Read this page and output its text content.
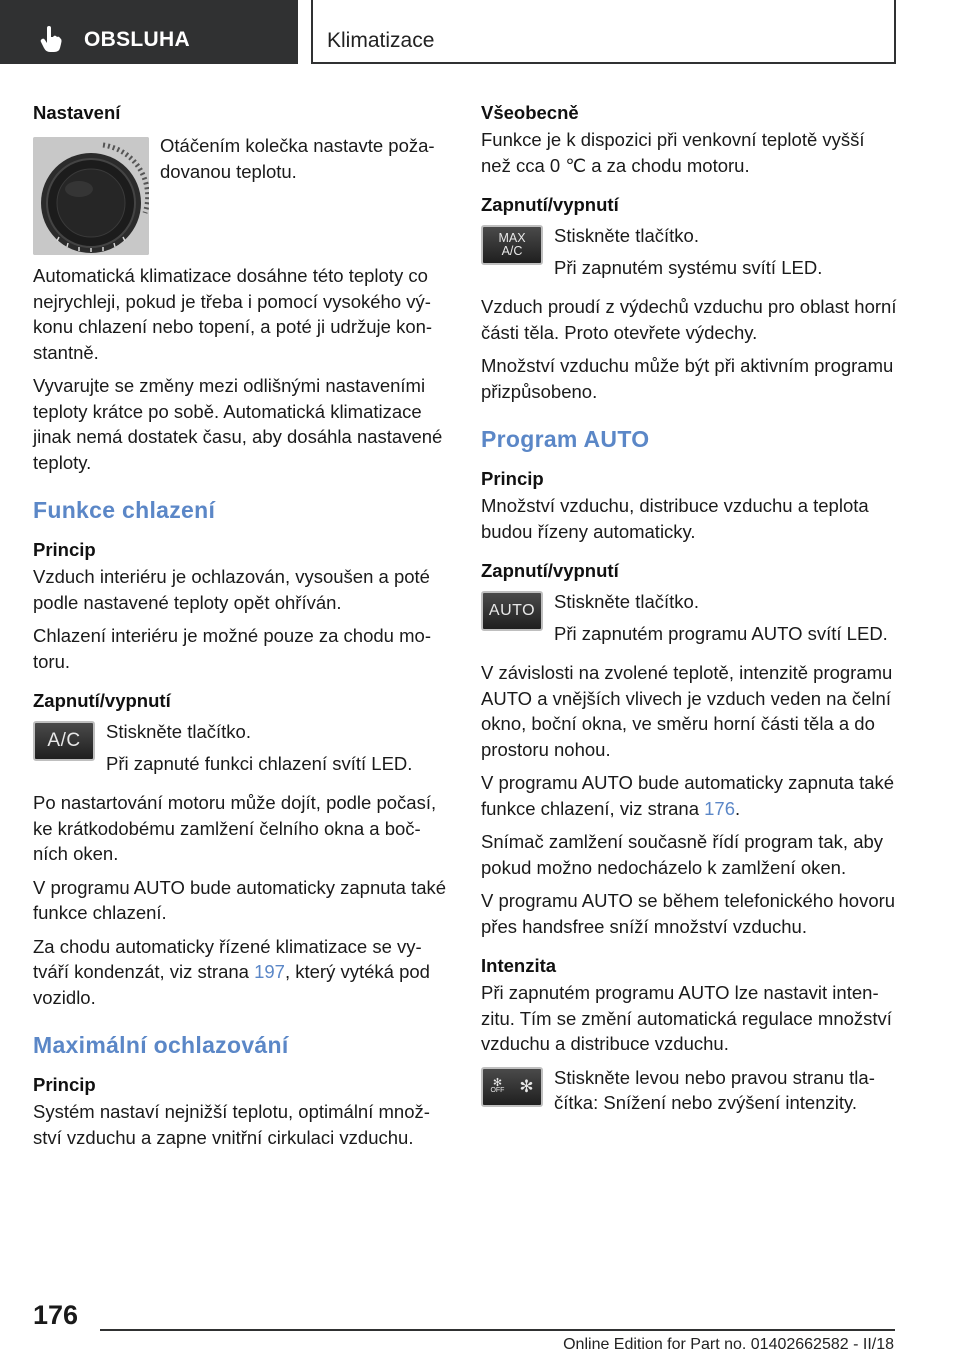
OBSLUHA	Klimatizace
Nastavení
Otáčením kolečka nastavte požadovanou teplotu.
Automatická klimatizace dosáhne této teploty co nejrychleji, pokud je třeba i pomocí vysokého výkonu chlazení nebo topení, a poté ji udržuje konstantně.
Vyvarujte se změny mezi odlišnými nastaveními teploty krátce po sobě. Automatická klimatizace jinak nemá dostatek času, aby dosáhla nastavené teploty.
Funkce chlazení
Princip
Vzduch interiéru je ochlazován, vysoušen a poté podle nastavené teploty opět ohříván.
Chlazení interiéru je možné pouze za chodu motoru.
Zapnutí/vypnutí
A/C	Stiskněte tlačítko.
Při zapnuté funkci chlazení svítí LED.
Po nastartování motoru může dojít, podle počasí, ke krátkodobému zamlžení čelního okna a bočních oken.
V programu AUTO bude automaticky zapnuta také funkce chlazení.
Za chodu automaticky řízené klimatizace se vytváří kondenzát, viz strana 197, který vytéká pod vozidlo.
Maximální ochlazování
Princip
Systém nastaví nejnižší teplotu, optimální množství vzduchu a zapne vnitřní cirkulaci vzduchu.
Všeobecně
Funkce je k dispozici při venkovní teplotě vyšší než cca 0 ℃ a za chodu motoru.
Zapnutí/vypnutí
MAX
A/C
Stiskněte tlačítko.
Při zapnutém systému svítí LED.
Vzduch proudí z výdechů vzduchu pro oblast horní části těla. Proto otevřete výdechy.
Množství vzduchu může být při aktivním programu přizpůsobeno.
Program AUTO
Princip
Množství vzduchu, distribuce vzduchu a teplota budou řízeny automaticky.
Zapnutí/vypnutí
AUTO	Stiskněte tlačítko.
Při zapnutém programu AUTO svítí LED.
V závislosti na zvolené teplotě, intenzitě programu AUTO a vnějších vlivech je vzduch veden na čelní okno, boční okna, ve směru horní části těla a do prostoru nohou.
V programu AUTO bude automaticky zapnuta také funkce chlazení, viz strana 176.
Snímač zamlžení současně řídí program tak, aby pokud možno nedocházelo k zamlžení oken.
V programu AUTO se během telefonického hovoru přes handsfree sníží množství vzduchu.
Intenzita
Při zapnutém programu AUTO lze nastavit intenzitu. Tím se změní automatická regulace množství vzduchu a distribuce vzduchu.
✻
OFF ✻ Stiskněte levou nebo pravou stranu tlačítka: Snížení nebo zvýšení intenzity.
176
Online Edition for Part no. 01402662582 - II/18
